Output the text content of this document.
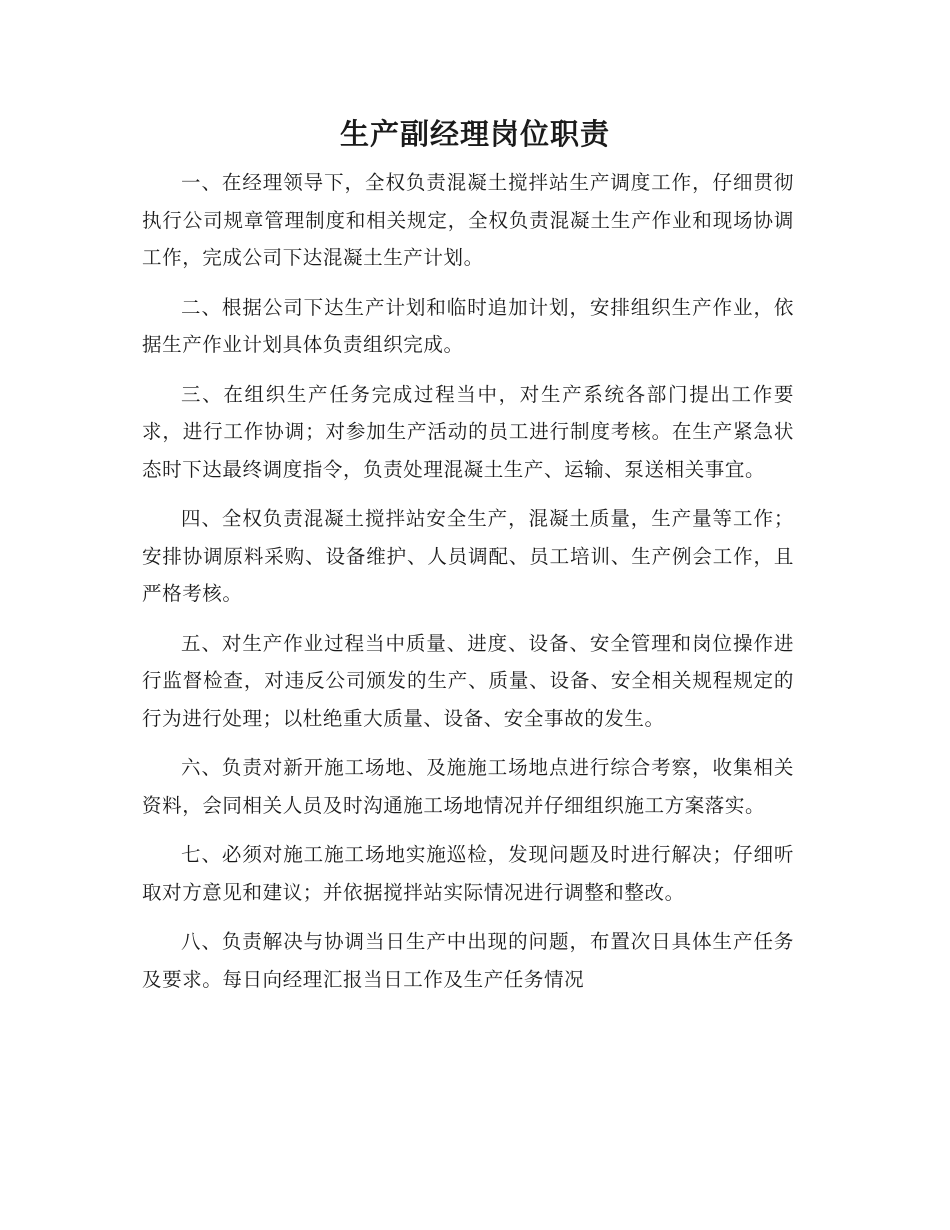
生产副经理岗位职责

一、在经理领导下，全权负责混凝土搅拌站生产调度工作，仔细贯彻执行公司规章管理制度和相关规定，全权负责混凝土生产作业和现场协调工作，完成公司下达混凝土生产计划。

二、根据公司下达生产计划和临时追加计划，安排组织生产作业，依据生产作业计划具体负责组织完成。

三、在组织生产任务完成过程当中，对生产系统各部门提出工作要求，进行工作协调；对参加生产活动的员工进行制度考核。在生产紧急状态时下达最终调度指令，负责处理混凝土生产、运输、泵送相关事宜。

四、全权负责混凝土搅拌站安全生产，混凝土质量，生产量等工作；安排协调原料采购、设备维护、人员调配、员工培训、生产例会工作，且严格考核。

五、对生产作业过程当中质量、进度、设备、安全管理和岗位操作进行监督检查，对违反公司颁发的生产、质量、设备、安全相关规程规定的行为进行处理；以杜绝重大质量、设备、安全事故的发生。

六、负责对新开施工场地、及施施工场地点进行综合考察，收集相关资料，会同相关人员及时沟通施工场地情况并仔细组织施工方案落实。

七、必须对施工施工场地实施巡检，发现问题及时进行解决；仔细听取对方意见和建议；并依据搅拌站实际情况进行调整和整改。

八、负责解决与协调当日生产中出现的问题，布置次日具体生产任务及要求。每日向经理汇报当日工作及生产任务情况
